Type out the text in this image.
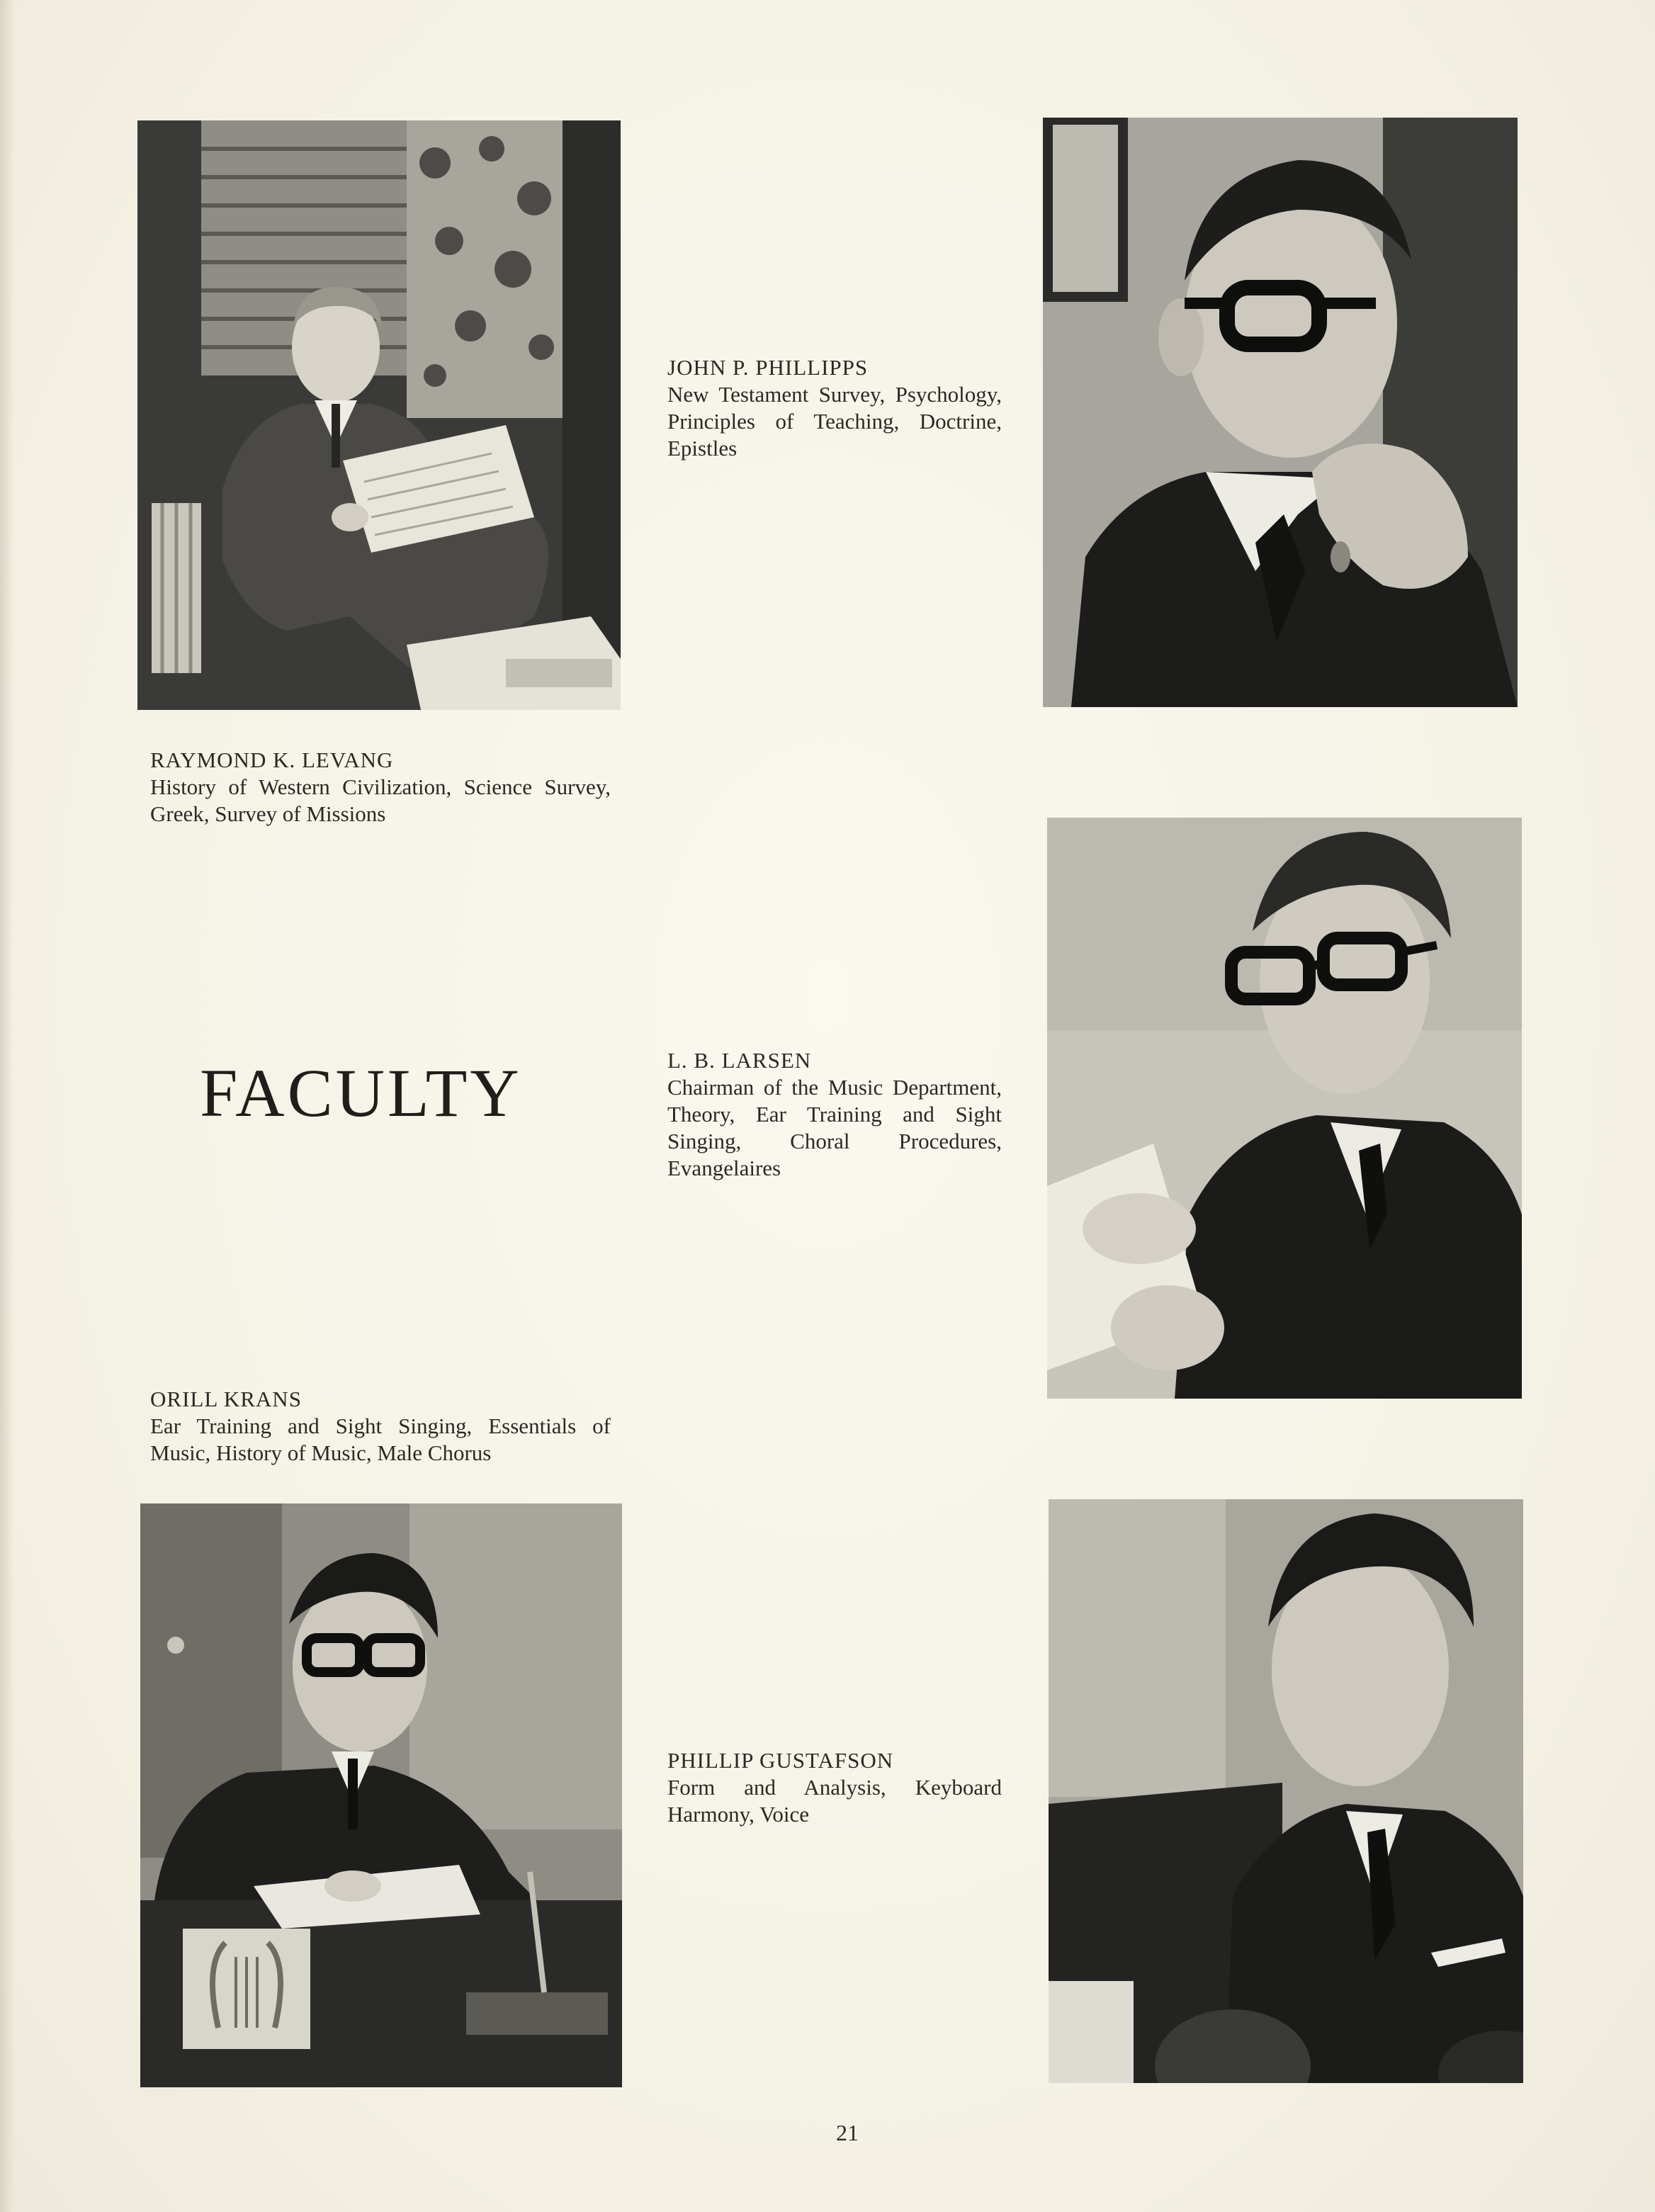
JOHN P. PHILLIPPS
New Testament Survey, Psychology, Principles of Teaching, Doctrine, Epistles
RAYMOND K. LEVANG
History of Western Civilization, Science Survey, Greek, Survey of Missions
FACULTY	L. B. LARSEN
Chairman of the Music Department, Theory, Ear Training and Sight Singing, Choral Procedures, Evangelaires
ORILL KRANS
Ear Training and Sight Singing, Essentials of Music, History of Music, Male Chorus
PHILLIP GUSTAFSON
Form and Analysis, Keyboard Harmony, Voice
21
